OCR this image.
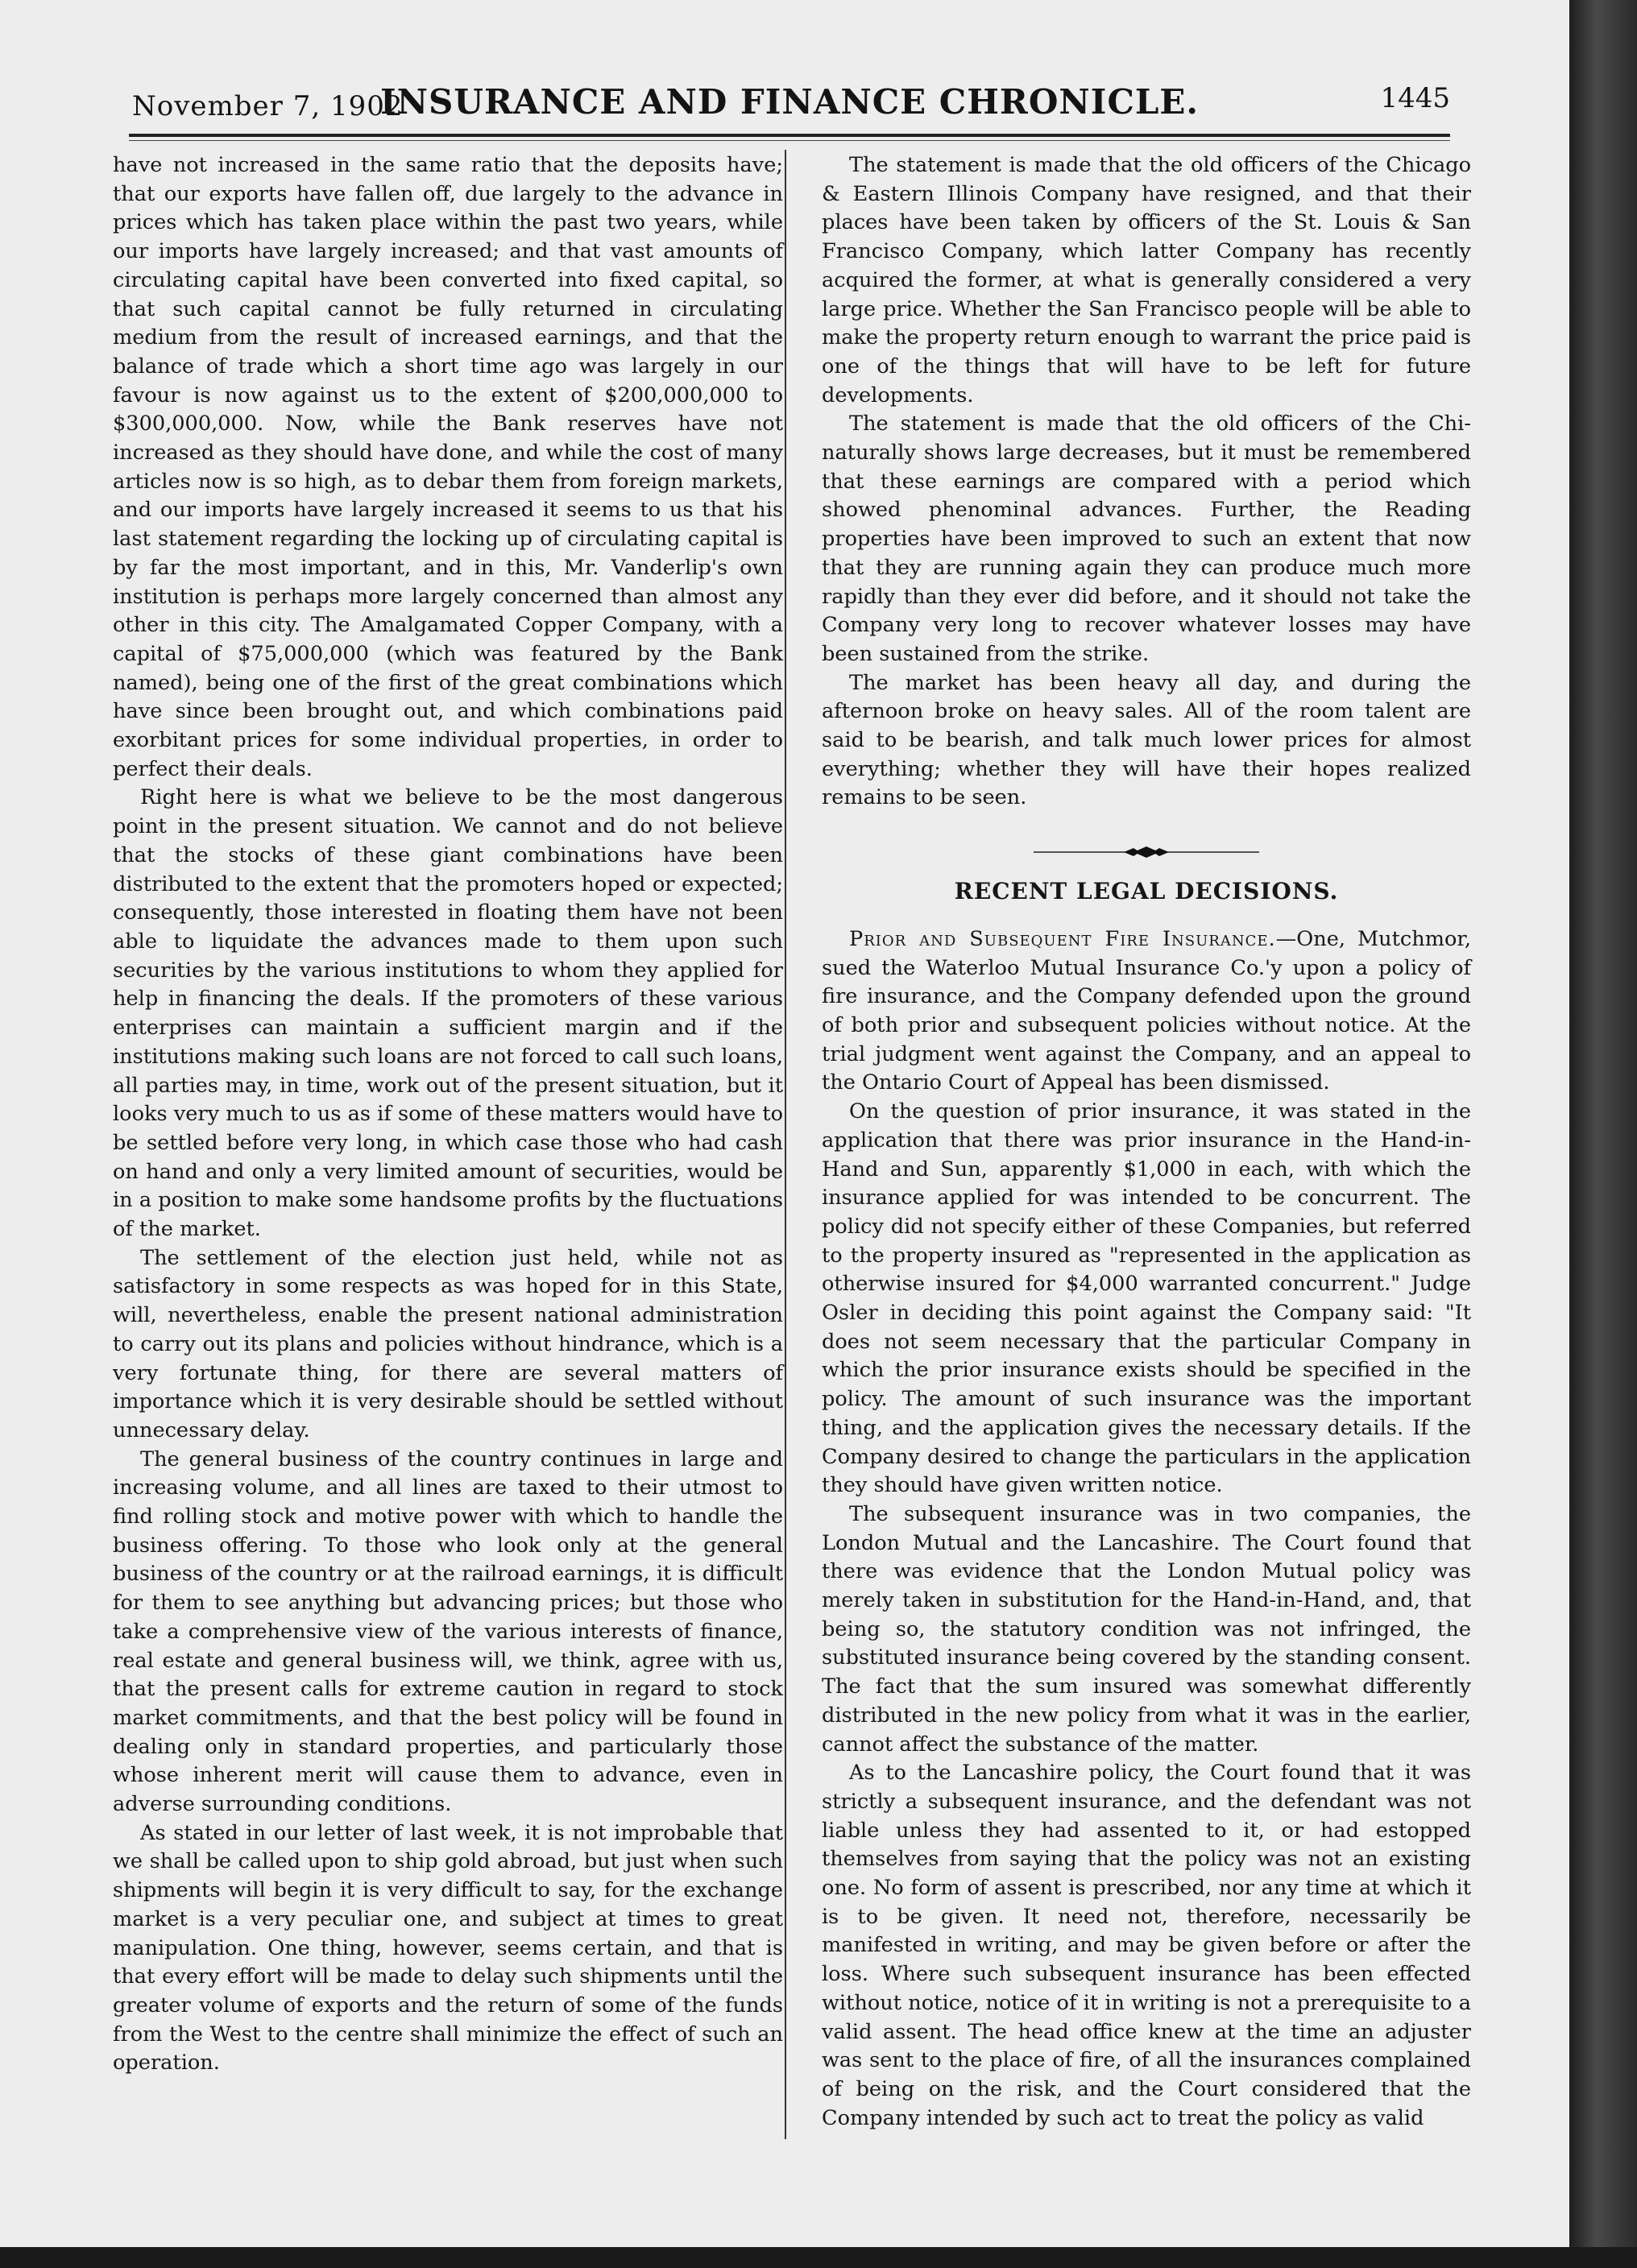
November 7, 1902
INSURANCE AND FINANCE CHRONICLE.	1445

have not increased in the same ratio that the deposits have; that our exports have fallen off, due largely to the advance in prices which has taken place within the past two years, while our imports have largely increased; and that vast amounts of circulating capital have been converted into fixed capital, so that such capital cannot be fully returned in circulating medium from the result of increased earnings, and that the balance of trade which a short time ago was largely in our favour is now against us to the extent of $200,000,000 to $300,000,000. Now, while the Bank reserves have not increased as they should have done, and while the cost of many articles now is so high, as to debar them from foreign markets, and our imports have largely increased it seems to us that his last statement regarding the locking up of circulating capital is by far the most important, and in this, Mr. Vanderlip's own institution is perhaps more largely concerned than almost any other in this city. The Amalgamated Copper Company, with a capital of $75,000,000 (which was featured by the Bank named), being one of the first of the great combinations which have since been brought out, and which combinations paid exorbitant prices for some individual properties, in order to perfect their deals.

Right here is what we believe to be the most dangerous point in the present situation. We cannot and do not believe that the stocks of these giant combinations have been distributed to the extent that the promoters hoped or expected; consequently, those interested in floating them have not been able to liquidate the advances made to them upon such securities by the various institutions to whom they applied for help in financing the deals. If the promoters of these various enterprises can maintain a sufficient margin and if the institutions making such loans are not forced to call such loans, all parties may, in time, work out of the present situation, but it looks very much to us as if some of these matters would have to be settled before very long, in which case those who had cash on hand and only a very limited amount of securities, would be in a position to make some handsome profits by the fluctuations of the market.

The settlement of the election just held, while not as satisfactory in some respects as was hoped for in this State, will, nevertheless, enable the present national administration to carry out its plans and policies without hindrance, which is a very fortunate thing, for there are several matters of importance which it is very desirable should be settled without unnecessary delay.

The general business of the country continues in large and increasing volume, and all lines are taxed to their utmost to find rolling stock and motive power with which to handle the business offering. To those who look only at the general business of the country or at the railroad earnings, it is difficult for them to see anything but advancing prices; but those who take a comprehensive view of the various interests of finance, real estate and general business will, we think, agree with us, that the present calls for extreme caution in regard to stock market commitments, and that the best policy will be found in dealing only in standard properties, and particularly those whose inherent merit will cause them to advance, even in adverse surrounding conditions.

As stated in our letter of last week, it is not improbable that we shall be called upon to ship gold abroad, but just when such shipments will begin it is very difficult to say, for the exchange market is a very peculiar one, and subject at times to great manipulation. One thing, however, seems certain, and that is that every effort will be made to delay such shipments until the greater volume of exports and the return of some of the funds from the West to the centre shall minimize the effect of such an operation.

The statement is made that the old officers of the Chicago & Eastern Illinois Company have resigned, and that their places have been taken by officers of the St. Louis & San Francisco Company, which latter Company has recently acquired the former, at what is generally considered a very large price. Whether the San Francisco people will be able to make the property return enough to warrant the price paid is one of the things that will have to be left for future developments.

The statement is made that the old officers of the Chi- naturally shows large decreases, but it must be remembered that these earnings are compared with a period which showed phenominal advances. Further, the Reading properties have been improved to such an extent that now that they are running again they can produce much more rapidly than they ever did before, and it should not take the Company very long to recover whatever losses may have been sustained from the strike.

The market has been heavy all day, and during the afternoon broke on heavy sales. All of the room talent are said to be bearish, and talk much lower prices for almost everything; whether they will have their hopes realized remains to be seen.

RECENT LEGAL DECISIONS.

Prior and Subsequent Fire Insurance.—One, Mutchmor, sued the Waterloo Mutual Insurance Co.'y upon a policy of fire insurance, and the Company defended upon the ground of both prior and subsequent policies without notice. At the trial judgment went against the Company, and an appeal to the Ontario Court of Appeal has been dismissed.

On the question of prior insurance, it was stated in the application that there was prior insurance in the Hand-in-Hand and Sun, apparently $1,000 in each, with which the insurance applied for was intended to be concurrent. The policy did not specify either of these Companies, but referred to the property insured as "represented in the application as otherwise insured for $4,000 warranted concurrent." Judge Osler in deciding this point against the Company said: "It does not seem necessary that the particular Company in which the prior insurance exists should be specified in the policy. The amount of such insurance was the important thing, and the application gives the necessary details. If the Company desired to change the particulars in the application they should have given written notice.

The subsequent insurance was in two companies, the London Mutual and the Lancashire. The Court found that there was evidence that the London Mutual policy was merely taken in substitution for the Hand-in-Hand, and, that being so, the statutory condition was not infringed, the substituted insurance being covered by the standing consent. The fact that the sum insured was somewhat differently distributed in the new policy from what it was in the earlier, cannot affect the substance of the matter.

As to the Lancashire policy, the Court found that it was strictly a subsequent insurance, and the defendant was not liable unless they had assented to it, or had estopped themselves from saying that the policy was not an existing one. No form of assent is prescribed, nor any time at which it is to be given. It need not, therefore, necessarily be manifested in writing, and may be given before or after the loss. Where such subsequent insurance has been effected without notice, notice of it in writing is not a prerequisite to a valid assent. The head office knew at the time an adjuster was sent to the place of fire, of all the insurances complained of being on the risk, and the Court considered that the Company intended by such act to treat the policy as valid
